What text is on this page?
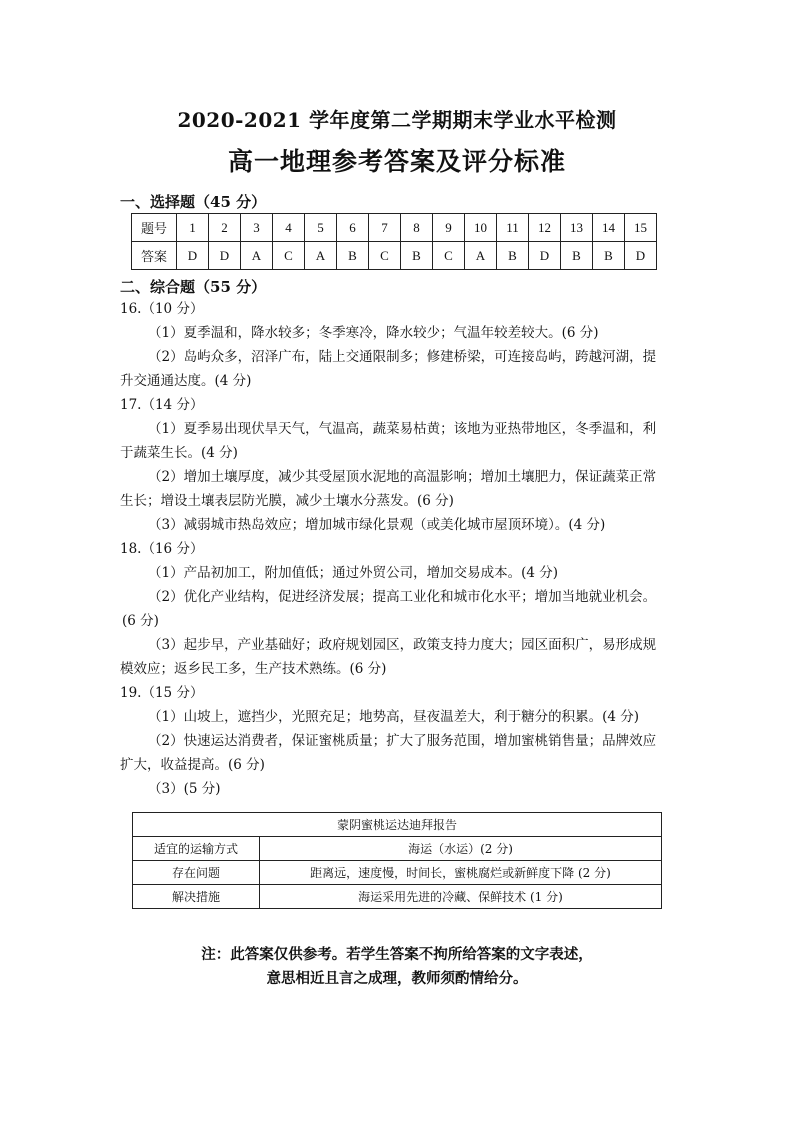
2020-2021 学年度第二学期期末学业水平检测
高一地理参考答案及评分标准
一、选择题（45 分）
题号	1	2	3	4	5	6	7	8	9	10	11	12	13	14	15
答案	D	D	A	C	A	B	C	B	C	A	B	D	B	B	D
二、综合题（55 分）
16.（10 分）
（1）夏季温和，降水较多；冬季寒冷，降水较少；气温年较差较大。(6 分)
（2）岛屿众多，沼泽广布，陆上交通限制多；修建桥梁，可连接岛屿，跨越河湖，提
升交通通达度。(4 分)
17.（14 分）
（1）夏季易出现伏旱天气，气温高，蔬菜易枯黄；该地为亚热带地区，冬季温和，利
于蔬菜生长。(4 分)
（2）增加土壤厚度，减少其受屋顶水泥地的高温影响；增加土壤肥力，保证蔬菜正常
生长；增设土壤表层防光膜，减少土壤水分蒸发。(6 分)
（3）减弱城市热岛效应；增加城市绿化景观（或美化城市屋顶环境）。(4 分)
18.（16 分）
（1）产品初加工，附加值低；通过外贸公司，增加交易成本。(4 分)
（2）优化产业结构，促进经济发展；提高工业化和城市化水平；增加当地就业机会。
(6 分)
（3）起步早，产业基础好；政府规划园区，政策支持力度大；园区面积广，易形成规
模效应；返乡民工多，生产技术熟练。(6 分)
19.（15 分）
（1）山坡上，遮挡少，光照充足；地势高，昼夜温差大，利于糖分的积累。(4 分)
（2）快速运达消费者，保证蜜桃质量；扩大了服务范围，增加蜜桃销售量；品牌效应
扩大，收益提高。(6 分)
（3）(5 分)
蒙阴蜜桃运达迪拜报告	
适宜的运输方式	海运（水运）(2 分)
存在问题	距离远，速度慢，时间长，蜜桃腐烂或新鲜度下降 (2 分)
解决措施	海运采用先进的冷藏、保鲜技术 (1 分)
注：此答案仅供参考。若学生答案不拘所给答案的文字表述，
意思相近且言之成理，教师须酌情给分。
